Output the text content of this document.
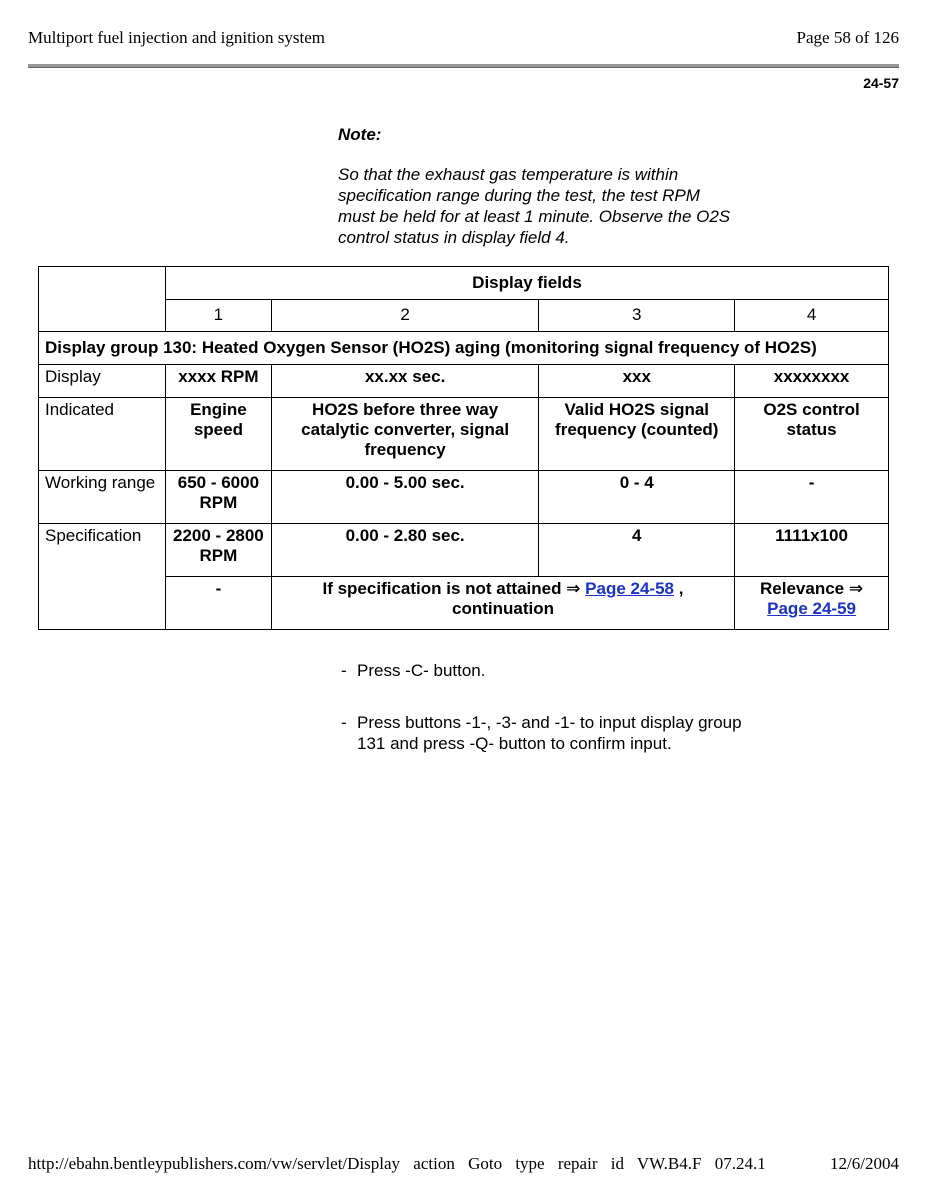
Multiport fuel injection and ignition system	Page 58 of 126
24-57
Note:
So that the exhaust gas temperature is within specification range during the test, the test RPM must be held for at least 1 minute. Observe the O2S control status in display field 4.
	Display fields			
	1	2	3	4
Display group 130: Heated Oxygen Sensor (HO2S) aging (monitoring signal frequency of HO2S)				
Display	xxxx RPM	xx.xx sec.	xxx	xxxxxxxx
Indicated	Engine speed	HO2S before three way catalytic converter, signal frequency	Valid HO2S signal frequency (counted)	O2S control status
Working range	650 - 6000 RPM	0.00 - 5.00 sec.	0 - 4	-
Specification	2200 - 2800 RPM	0.00 - 2.80 sec.	4	1111x100
	-	If specification is not attained ⇒ Page 24-58 , continuation		Relevance ⇒ Page 24-59
- Press -C- button.
- Press buttons -1-, -3- and -1- to input display group 131 and press -Q- button to confirm input.
http://ebahn.bentleypublishers.com/vw/servlet/Display action Goto type repair id VW.B4.F 07.24.1	12/6/2004
